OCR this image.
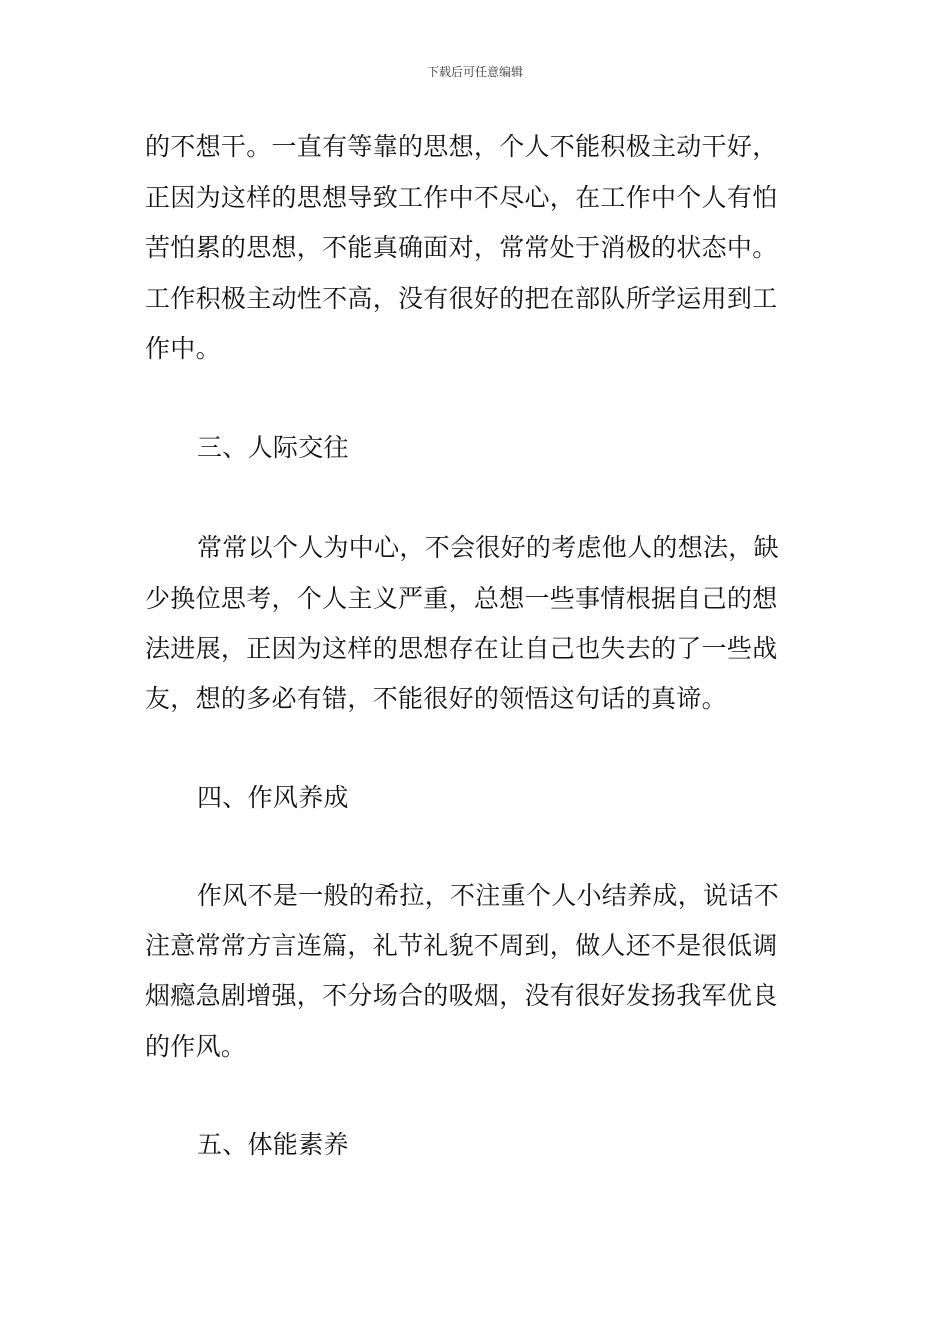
下载后可任意编辑
的不想干。一直有等靠的思想，个人不能积极主动干好，
正因为这样的思想导致工作中不尽心，在工作中个人有怕
苦怕累的思想，不能真确面对，常常处于消极的状态中。
工作积极主动性不高，没有很好的把在部队所学运用到工
作中。
三、人际交往
常常以个人为中心，不会很好的考虑他人的想法，缺
少换位思考，个人主义严重，总想一些事情根据自己的想
法进展，正因为这样的思想存在让自己也失去的了一些战
友，想的多必有错，不能很好的领悟这句话的真谛。
四、作风养成
作风不是一般的希拉，不注重个人小结养成，说话不
注意常常方言连篇，礼节礼貌不周到，做人还不是很低调
烟瘾急剧增强，不分场合的吸烟，没有很好发扬我军优良
的作风。
五、体能素养
